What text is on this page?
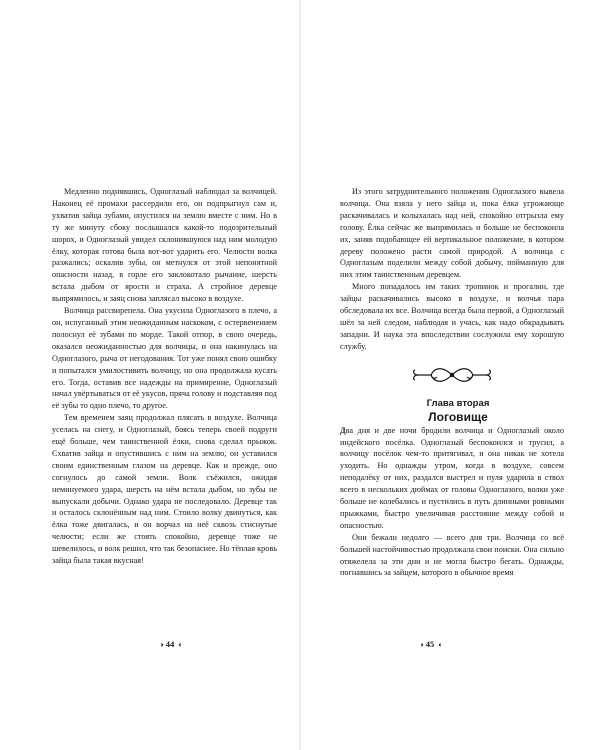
Медленно поднявшись, Одноглазый наблюдал за волчицей. Наконец её промахи рассердили его, он подпрыгнул сам и, ухватив зайца зубами, опустился на землю вместе с ним. Но в ту же минуту сбоку послышался какой-то подозрительный шорох, и Одноглазый увидел склонившуюся над ним молодую ёлку, которая готова была вот-вот ударить его. Челюсти волка разжались; оскалив зубы, он метнулся от этой непонятной опасности назад, в горле его заклокотало рычание, шерсть встала дыбом от ярости и страха. А стройное деревце выпрямилось, и заяц снова заплясал высоко в воздухе.

Волчица рассвирепела. Она укусила Одноглазого в плечо, а он, испуганный этим неожиданным наскоком, с остервенением полоснул её зубами по морде. Такой отпор, в свою очередь, оказался неожиданностью для волчицы, и она накинулась на Одноглазого, рыча от негодования. Тот уже понял свою ошибку и попытался умилостивить волчицу, но она продолжала кусать его. Тогда, оставив все надежды на примирение, Одноглазый начал увёртываться от её укусов, пряча голову и подставляя под её зубы то одно плечо, то другое.

Тем временем заяц продолжал плясать в воздухе. Волчица уселась на снегу, и Одноглазый, боясь теперь своей подруги ещё больше, чем таинственной ёлки, снова сделал прыжок. Схватив зайца и опустившись с ним на землю, он уставился своим единственным глазом на деревце. Как и прежде, оно согнулось до самой земли. Волк съёжился, ожидая неминуемого удара, шерсть на нём встала дыбом, но зубы не выпускали добычи. Однако удара не последовало. Деревце так и осталось склонённым над ним. Стоило волку двинуться, как ёлка тоже двигалась, и он ворчал на неё сквозь стиснутые челюсти; если же стоять спокойно, деревце тоже не шевелилось, и волк решил, что так безопаснее. Но тёплая кровь зайца была такая вкусная!

›› 44 ‹‹

Из этого затруднительного положения Одноглазого вывела волчица. Она взяла у него зайца и, пока ёлка угрожающе раскачивалась и колыхалась над ней, спокойно отгрызла ему голову. Ёлка сейчас же выпрямилась и больше не беспокоила их, заняв подобающее ей вертикальное положение, в котором дереву положено расти самой природой. А волчица с Одноглазым поделили между собой добычу, пойманную для них этим таинственным деревцем.

Много попадалось им таких тропинок и прогалин, где зайцы раскачивались высоко в воздухе, и волчья пара обследовала их все. Волчица всегда была первой, а Одноглазый шёл за ней следом, наблюдая и учась, как надо обкрадывать западни. И наука эта впоследствии сослужила ему хорошую службу.

Глава вторая

Логовище

Два дня и две ночи бродили волчица и Одноглазый около индейского посёлка. Одноглазый беспокоился и трусил, а волчицу посёлок чем-то притягивал, и она никак не хотела уходить. Но однажды утром, когда в воздухе, совсем неподалёку от них, раздался выстрел и пуля ударила в ствол всего в нескольких дюймах от головы Одноглазого, волки уже больше не колебались и пустились в путь длинными ровными прыжками, быстро увеличивая расстояние между собой и опасностью.

Они бежали недолго — всего дня три. Волчица со всё большей настойчивостью продолжала свои поиски. Она сильно отяжелела за эти дни и не могла быстро бегать. Однажды, погнавшись за зайцем, которого в обычное время

›› 45 ‹‹
